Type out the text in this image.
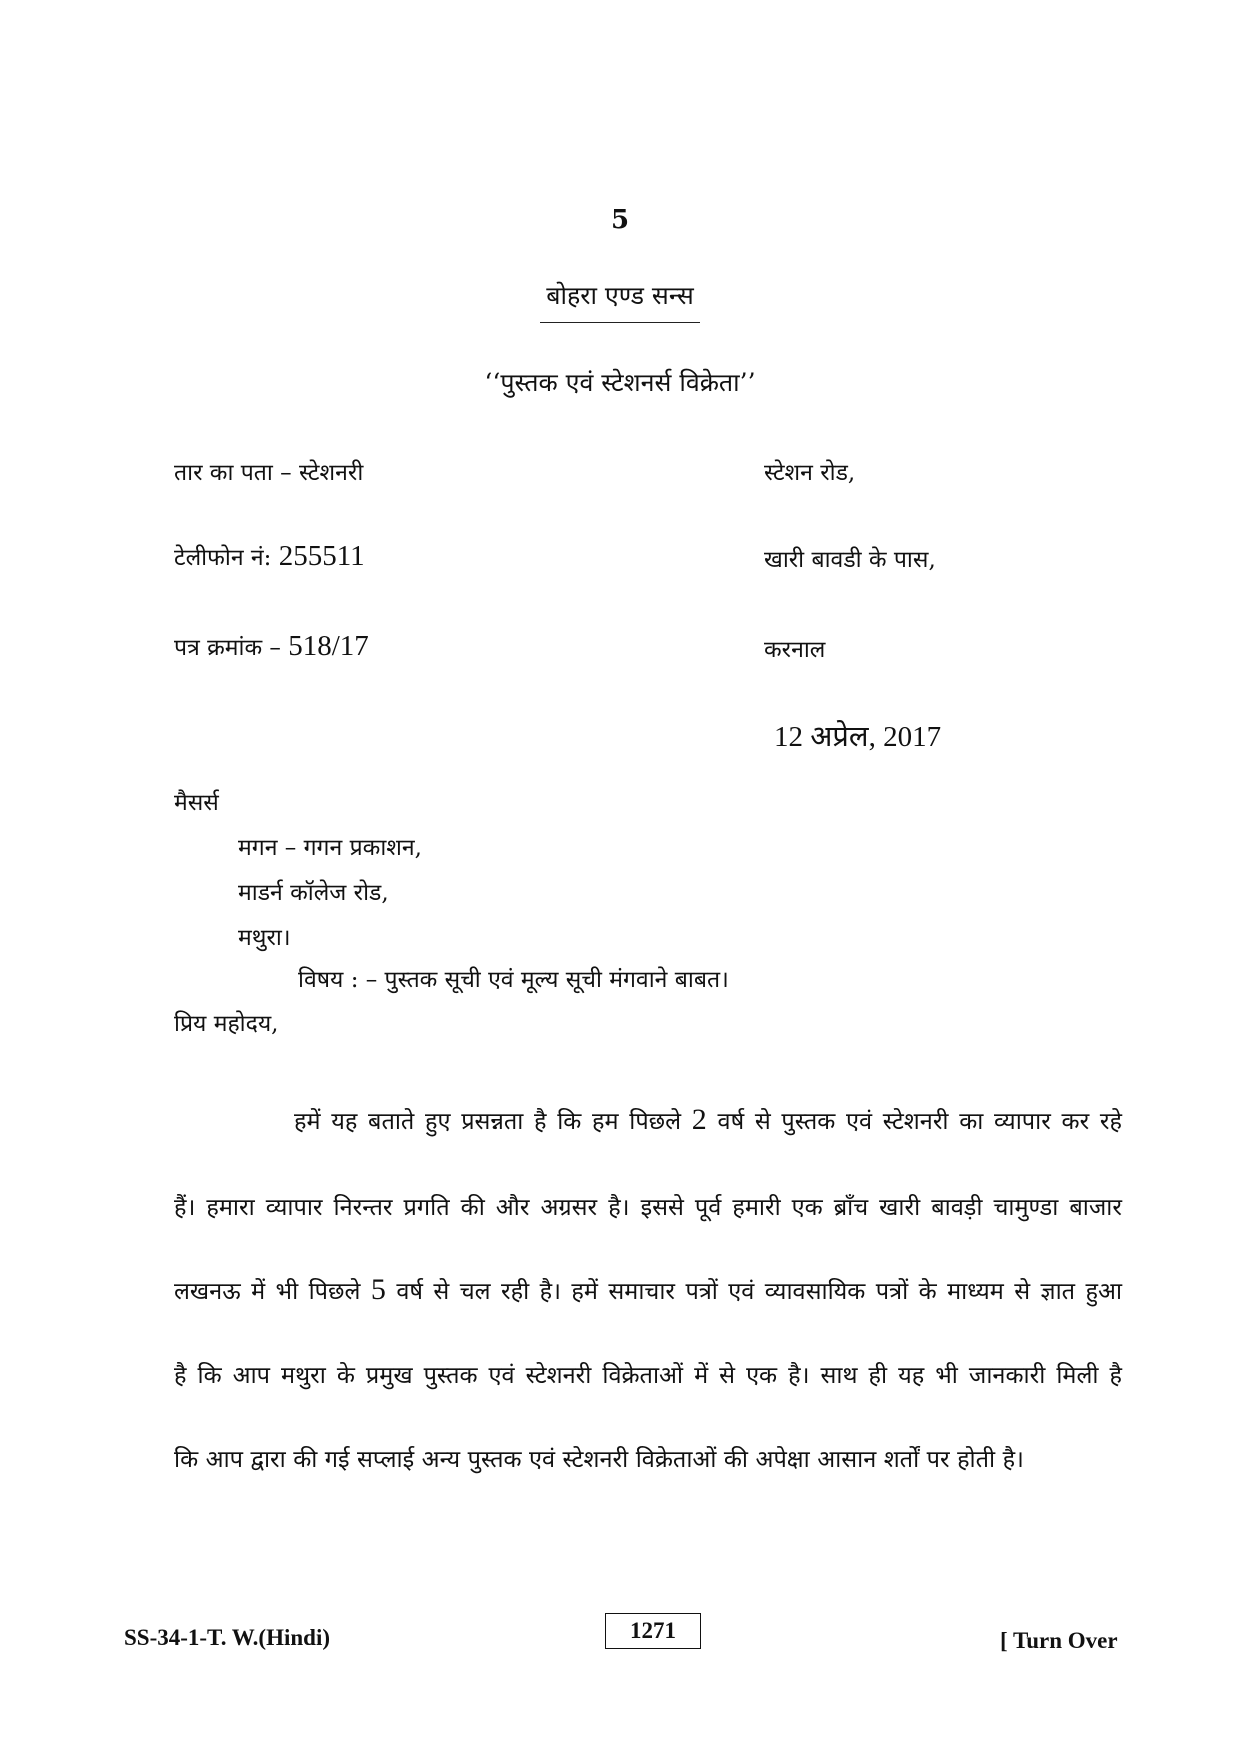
5
बोहरा एण्ड सन्स
‘‘पुस्तक एवं स्टेशनर्स विक्रेता’’
तार का पता – स्टेशनरी
टेलीफोन नं: 255511
पत्र क्रमांक – 518/17
स्टेशन रोड,
खारी बावडी के पास,
करनाल
12 अप्रेल, 2017
मैसर्स
मगन – गगन प्रकाशन,
माडर्न कॉलेज रोड,
मथुरा।
विषय : – पुस्तक सूची एवं मूल्य सूची मंगवाने बाबत।
प्रिय महोदय,
हमें यह बताते हुए प्रसन्नता है कि हम पिछले 2 वर्ष से पुस्तक एवं स्टेशनरी का व्यापार कर रहे
हैं। हमारा व्यापार निरन्तर प्रगति की और अग्रसर है। इससे पूर्व हमारी एक ब्राँच खारी बावड़ी चामुण्डा बाजार
लखनऊ में भी पिछले 5 वर्ष से चल रही है। हमें समाचार पत्रों एवं व्यावसायिक पत्रों के माध्यम से ज्ञात हुआ
है कि आप मथुरा के प्रमुख पुस्तक एवं स्टेशनरी विक्रेताओं में से एक है। साथ ही यह भी जानकारी मिली है
कि आप द्वारा की गई सप्लाई अन्य पुस्तक एवं स्टेशनरी विक्रेताओं की अपेक्षा आसान शर्तों पर होती है।
SS-34-1-T. W.(Hindi)	1271	[ Turn Over
